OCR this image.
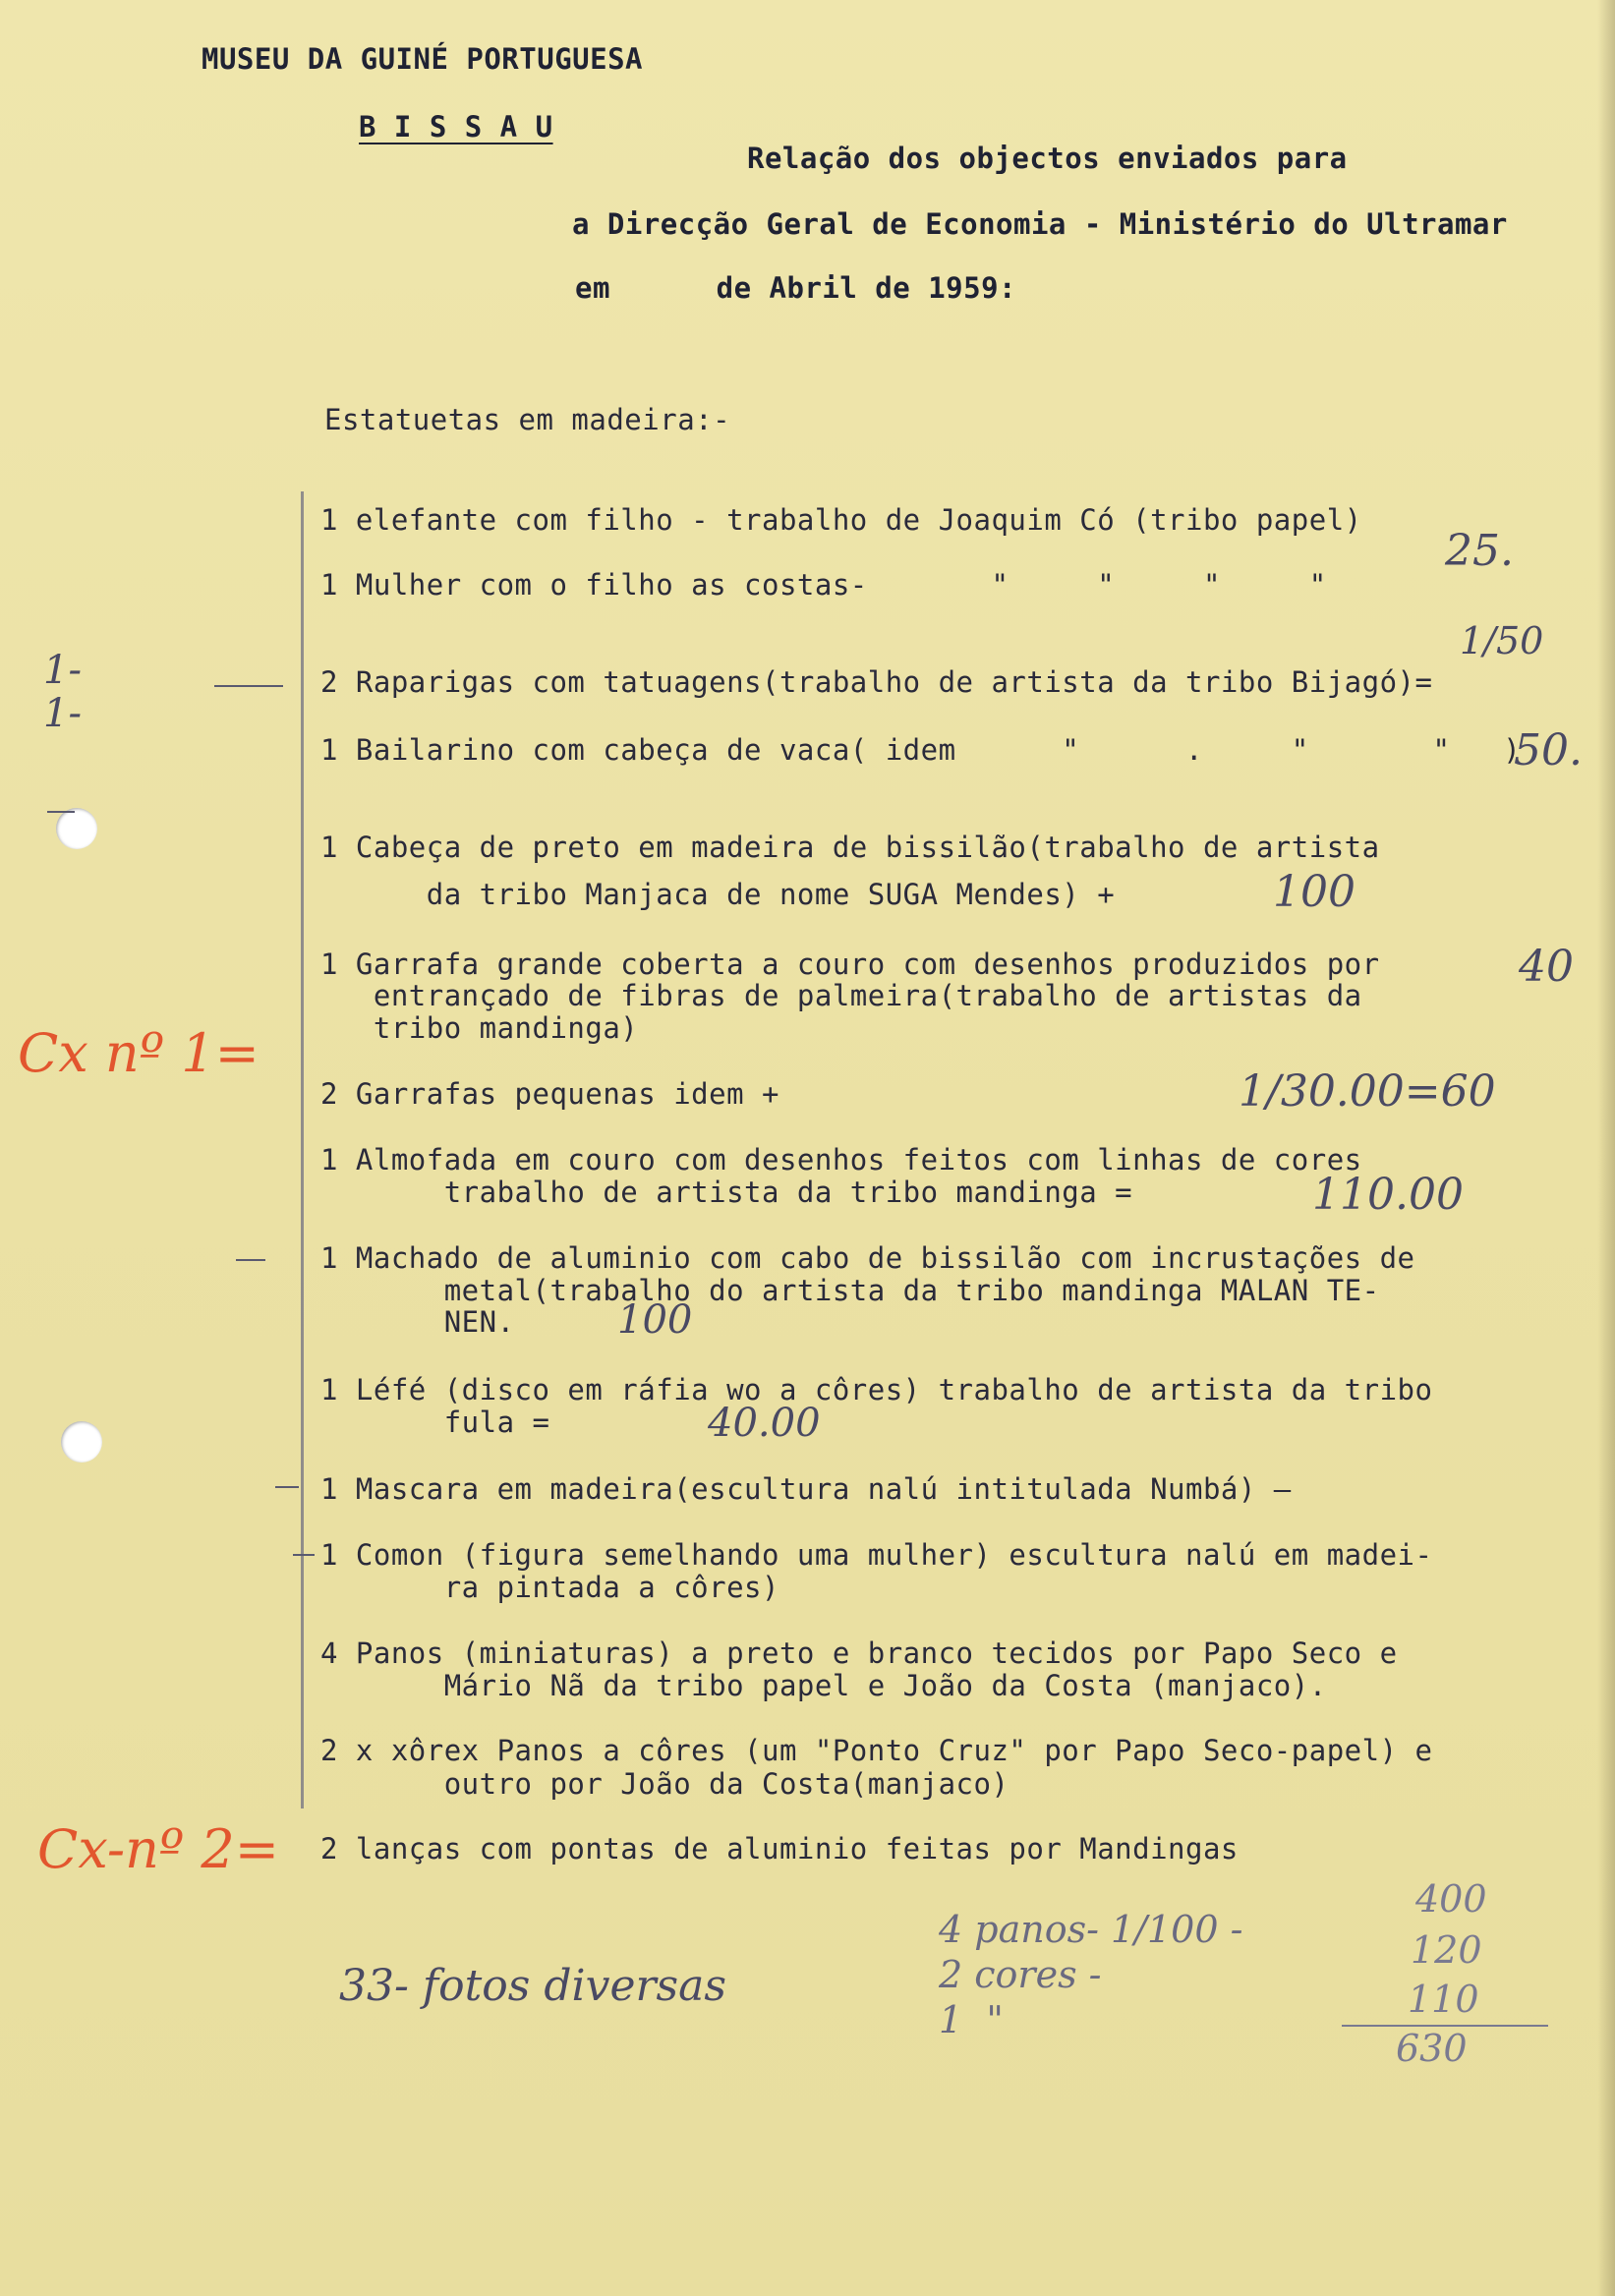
MUSEU DA GUINÉ PORTUGUESA
B I S S A U
Relação dos objectos enviados para
a Direcção Geral de Economia - Ministério do Ultramar
em      de Abril de 1959:
Estatuetas em madeira:-
1 elefante com filho - trabalho de Joaquim Có (tribo papel)
1 Mulher com o filho as costas-       "     "     "     "
2 Raparigas com tatuagens(trabalho de artista da tribo Bijagó)=
1 Bailarino com cabeça de vaca( idem      "      .     "       "   )
1 Cabeça de preto em madeira de bissilão(trabalho de artista
da tribo Manjaca de nome SUGA Mendes) +
1 Garrafa grande coberta a couro com desenhos produzidos por
entrançado de fibras de palmeira(trabalho de artistas da
tribo mandinga)
2 Garrafas pequenas idem +
1 Almofada em couro com desenhos feitos com linhas de cores
trabalho de artista da tribo mandinga =
1 Machado de aluminio com cabo de bissilão com incrustações de
metal(trabalho do artista da tribo mandinga MALAN TE-
NEN.
1 Léfé (disco em ráfia wo a côres) trabalho de artista da tribo
fula =
1 Mascara em madeira(escultura nalú intitulada Numbá) —
1 Comon (figura semelhando uma mulher) escultura nalú em madei-
ra pintada a côres)
4 Panos (miniaturas) a preto e branco tecidos por Papo Seco e
Mário Nã da tribo papel e João da Costa (manjaco).
2 x xôrex Panos a côres (um "Ponto Cruz" por Papo Seco-papel) e
outro por João da Costa(manjaco)
2 lanças com pontas de aluminio feitas por Mandingas
1-
1-
25.
1/50
50.
100
40
1/30.00=60
110.00
100
40.00
Cx nº 1=
Cx-nº 2=
33- fotos diversas
4 panos- 1/100 -
2 cores -
1  "
400
120
110
630
